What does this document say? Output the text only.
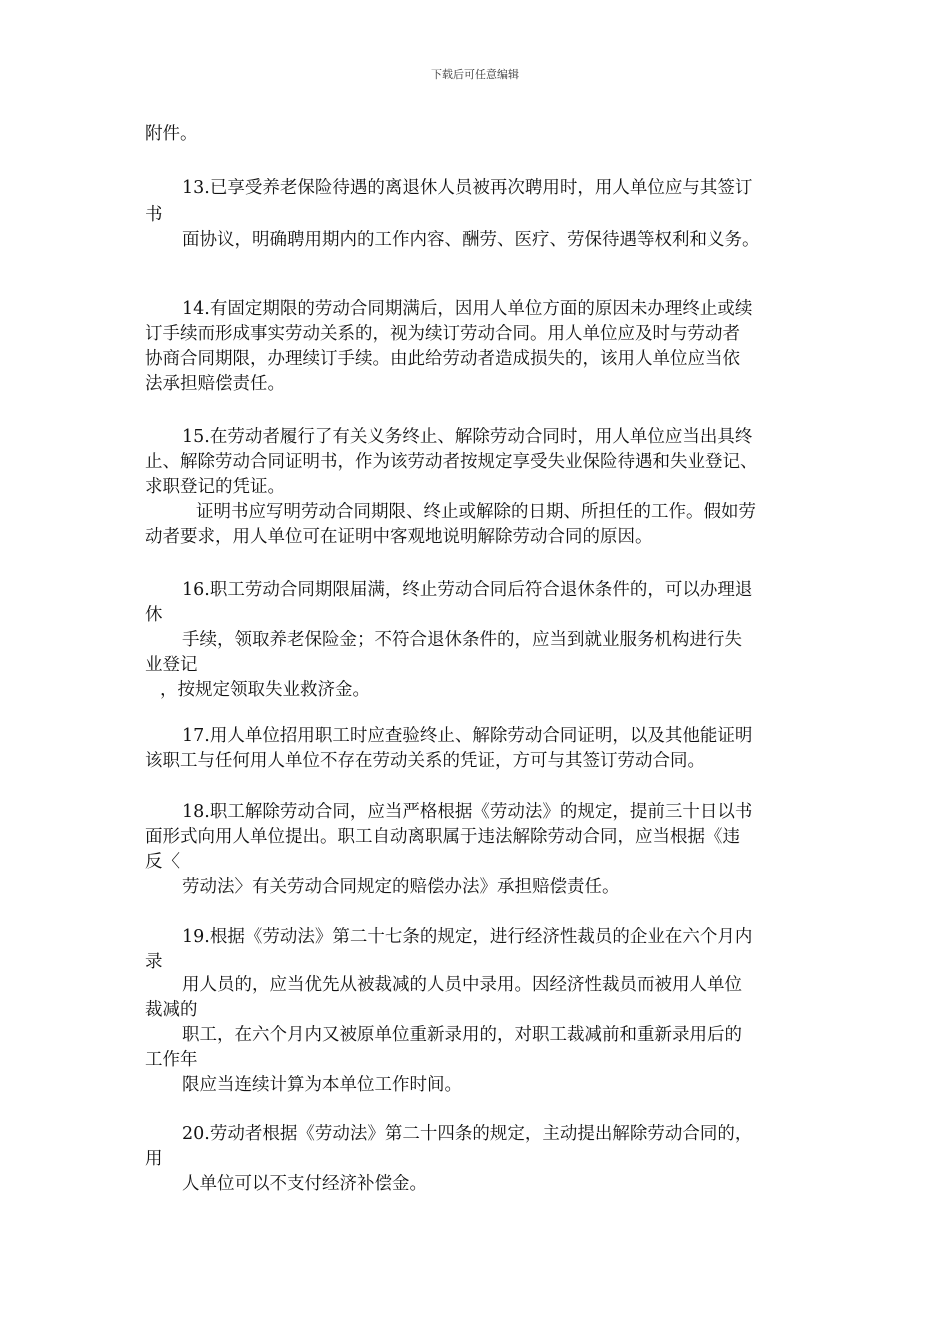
下载后可任意编辑
附件。
13.已享受养老保险待遇的离退休人员被再次聘用时，用人单位应与其签订
书
面协议，明确聘用期内的工作内容、酬劳、医疗、劳保待遇等权利和义务。
14.有固定期限的劳动合同期满后，因用人单位方面的原因未办理终止或续
订手续而形成事实劳动关系的，视为续订劳动合同。用人单位应及时与劳动者
协商合同期限，办理续订手续。由此给劳动者造成损失的，该用人单位应当依
法承担赔偿责任。
15.在劳动者履行了有关义务终止、解除劳动合同时，用人单位应当出具终
止、解除劳动合同证明书，作为该劳动者按规定享受失业保险待遇和失业登记、
求职登记的凭证。
证明书应写明劳动合同期限、终止或解除的日期、所担任的工作。假如劳
动者要求，用人单位可在证明中客观地说明解除劳动合同的原因。
16.职工劳动合同期限届满，终止劳动合同后符合退休条件的，可以办理退
休
手续，领取养老保险金；不符合退休条件的，应当到就业服务机构进行失
业登记
，按规定领取失业救济金。
17.用人单位招用职工时应查验终止、解除劳动合同证明，以及其他能证明
该职工与任何用人单位不存在劳动关系的凭证，方可与其签订劳动合同。
18.职工解除劳动合同，应当严格根据《劳动法》的规定，提前三十日以书
面形式向用人单位提出。职工自动离职属于违法解除劳动合同，应当根据《违
反〈
劳动法〉有关劳动合同规定的赔偿办法》承担赔偿责任。
19.根据《劳动法》第二十七条的规定，进行经济性裁员的企业在六个月内
录
用人员的，应当优先从被裁减的人员中录用。因经济性裁员而被用人单位
裁减的
职工，在六个月内又被原单位重新录用的，对职工裁减前和重新录用后的
工作年
限应当连续计算为本单位工作时间。
20.劳动者根据《劳动法》第二十四条的规定，主动提出解除劳动合同的，
用
人单位可以不支付经济补偿金。
